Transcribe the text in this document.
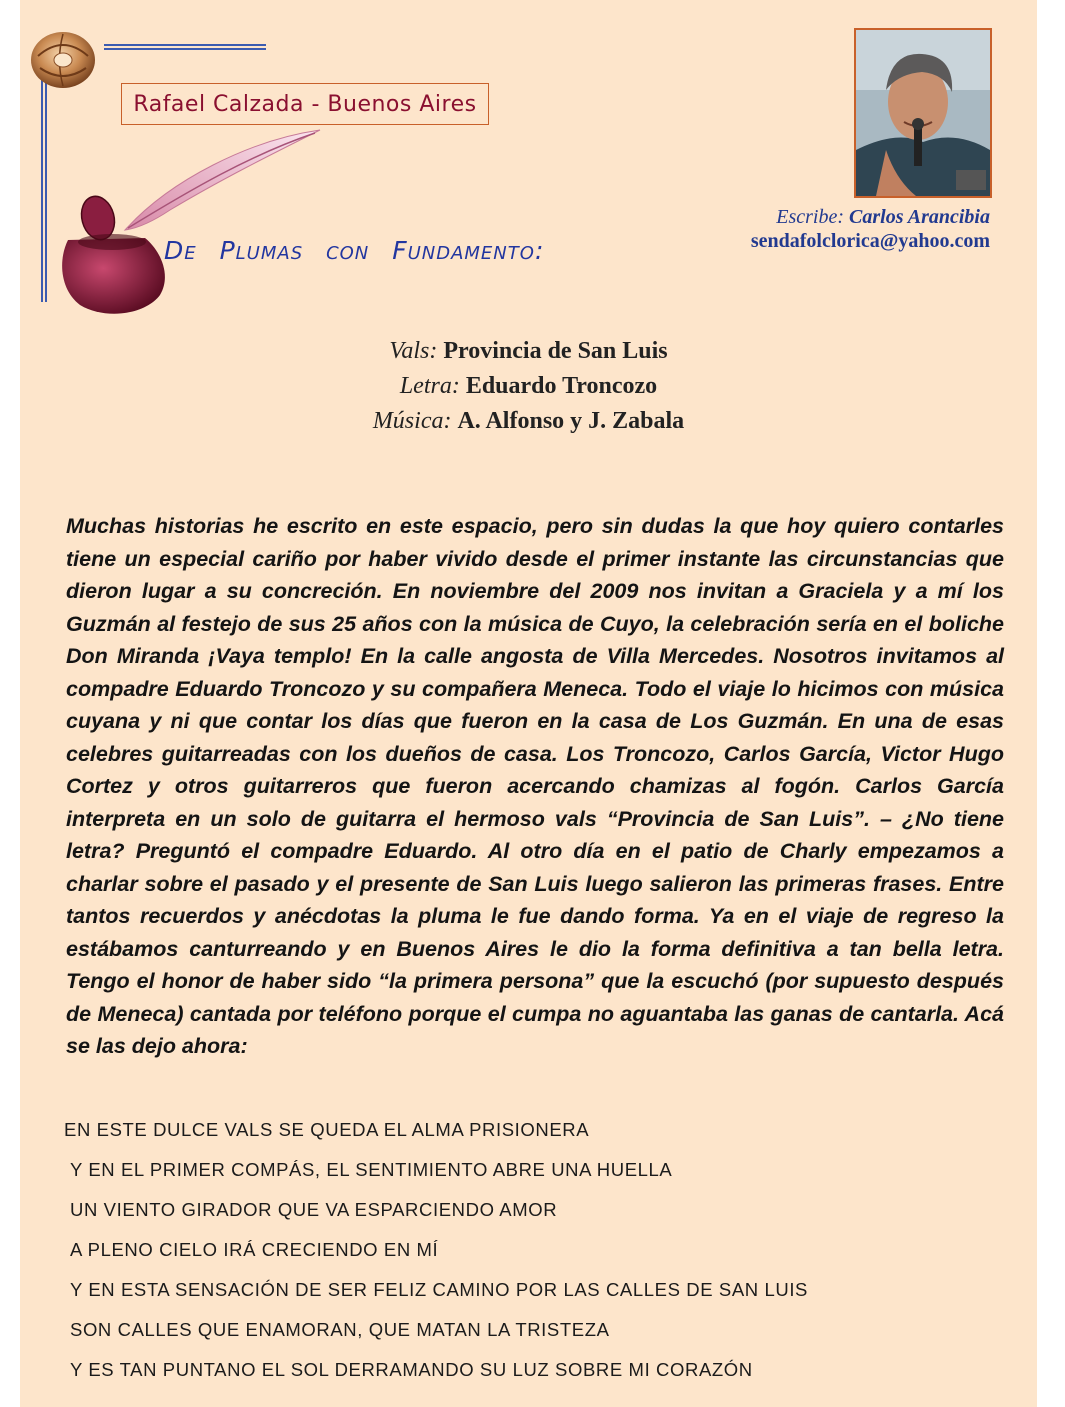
Rafael Calzada - Buenos Aires
De Plumas con Fundamento:
Escribe: Carlos Arancibia
sendafolclorica@yahoo.com
Vals: Provincia de San Luis
Letra: Eduardo Troncozo
Música: A. Alfonso y J. Zabala

Muchas historias he escrito en este espacio, pero sin dudas la que hoy quiero contarles tiene un especial cariño por haber vivido desde el primer instante las circunstancias que dieron lugar a su concreción. En noviembre del 2009 nos invitan a Graciela y a mí los Guzmán al festejo de sus 25 años con la música de Cuyo, la celebración sería en el boliche Don Miranda ¡Vaya templo! En la calle angosta de Villa Mercedes. Nosotros invitamos al compadre Eduardo Troncozo y su compañera Meneca. Todo el viaje lo hicimos con música cuyana y ni que contar los días que fueron en la casa de Los Guzmán. En una de esas celebres guitarreadas con los dueños de casa. Los Troncozo, Carlos García, Victor Hugo Cortez y otros guitarreros que fueron acercando chamizas al fogón. Carlos García interpreta en un solo de guitarra el hermoso vals “Provincia de San Luis”. – ¿No tiene letra? Preguntó el compadre Eduardo. Al otro día en el patio de Charly empezamos a charlar sobre el pasado y el presente de San Luis luego salieron las primeras frases. Entre tantos recuerdos y anécdotas la pluma le fue dando forma. Ya en el viaje de regreso la estábamos canturreando y en Buenos Aires le dio la forma definitiva a tan bella letra. Tengo el honor de haber sido “la primera persona” que la escuchó (por supuesto después de Meneca) cantada por teléfono porque el cumpa no aguantaba las ganas de cantarla. Acá se las dejo ahora:

EN ESTE DULCE VALS SE QUEDA EL ALMA PRISIONERA
Y EN EL PRIMER COMPÁS, EL SENTIMIENTO ABRE UNA HUELLA
UN VIENTO GIRADOR QUE VA ESPARCIENDO AMOR
A PLENO CIELO IRÁ CRECIENDO EN MÍ
Y EN ESTA SENSACIÓN DE SER FELIZ CAMINO POR LAS CALLES DE SAN LUIS
SON CALLES QUE ENAMORAN, QUE MATAN LA TRISTEZA
Y ES TAN PUNTANO EL SOL DERRAMANDO SU LUZ SOBRE MI CORAZÓN
